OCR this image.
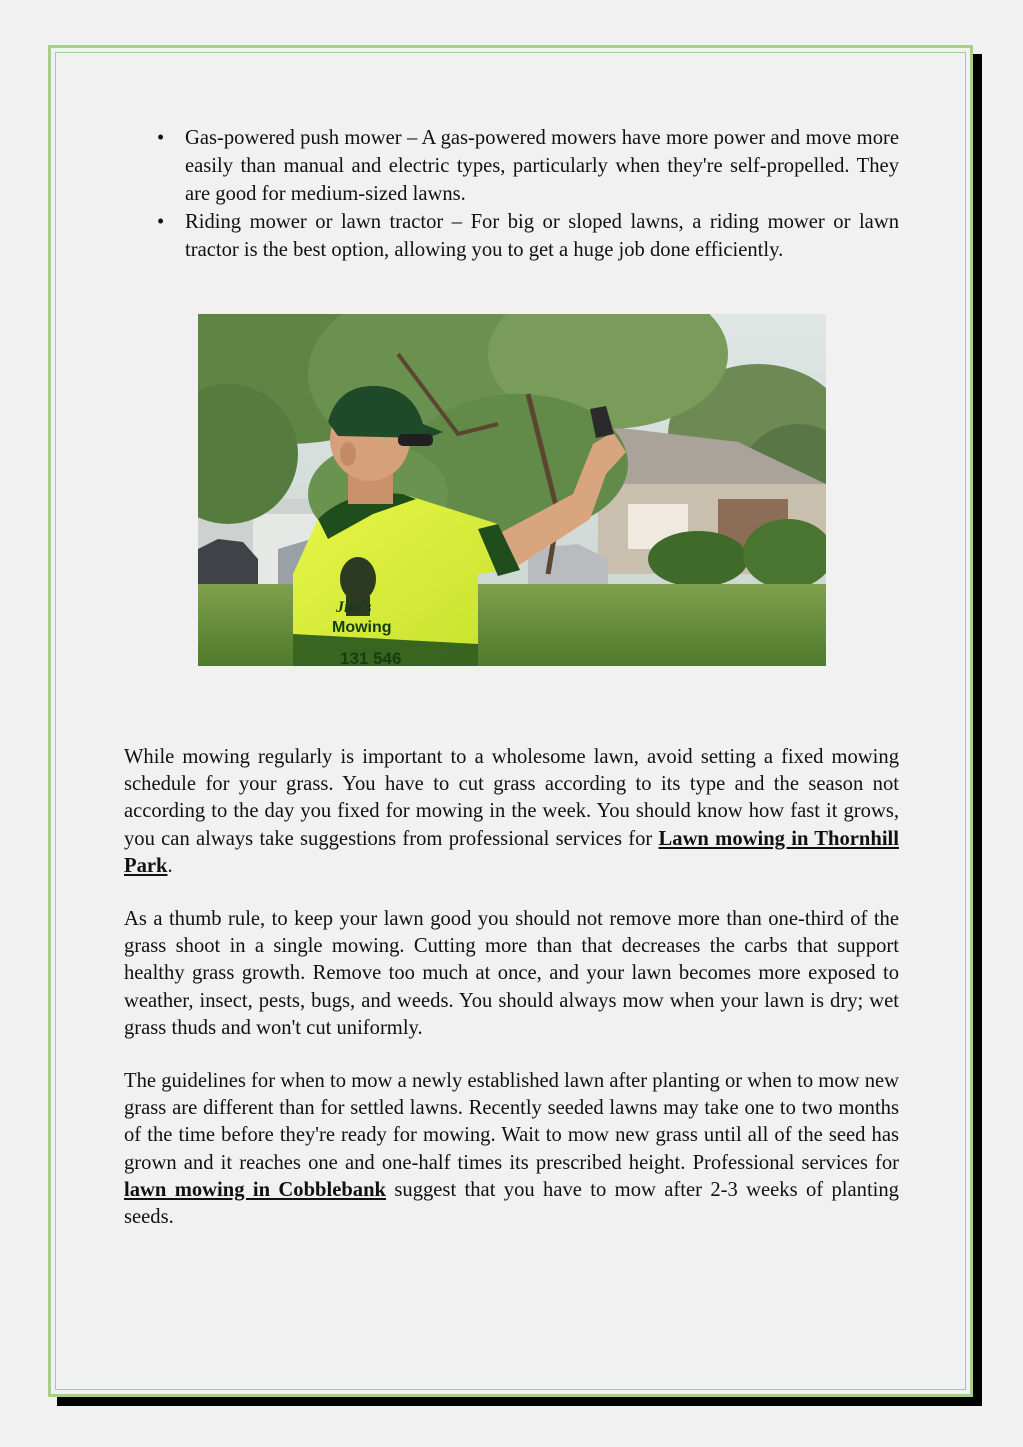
• Gas-powered push mower – A gas-powered mowers have more power and move more easily than manual and electric types, particularly when they're self-propelled. They are good for medium-sized lawns.
• Riding mower or lawn tractor – For big or sloped lawns, a riding mower or lawn tractor is the best option, allowing you to get a huge job done efficiently.
Jim's
Mowing
131 546

While mowing regularly is important to a wholesome lawn, avoid setting a fixed mowing schedule for your grass. You have to cut grass according to its type and the season not according to the day you fixed for mowing in the week. You should know how fast it grows, you can always take suggestions from professional services for Lawn mowing in Thornhill Park.

As a thumb rule, to keep your lawn good you should not remove more than one-third of the grass shoot in a single mowing. Cutting more than that decreases the carbs that support healthy grass growth. Remove too much at once, and your lawn becomes more exposed to weather, insect, pests, bugs, and weeds. You should always mow when your lawn is dry; wet grass thuds and won't cut uniformly.

The guidelines for when to mow a newly established lawn after planting or when to mow new grass are different than for settled lawns. Recently seeded lawns may take one to two months of the time before they're ready for mowing. Wait to mow new grass until all of the seed has grown and it reaches one and one-half times its prescribed height. Professional services for lawn mowing in Cobblebank suggest that you have to mow after 2-3 weeks of planting seeds.
